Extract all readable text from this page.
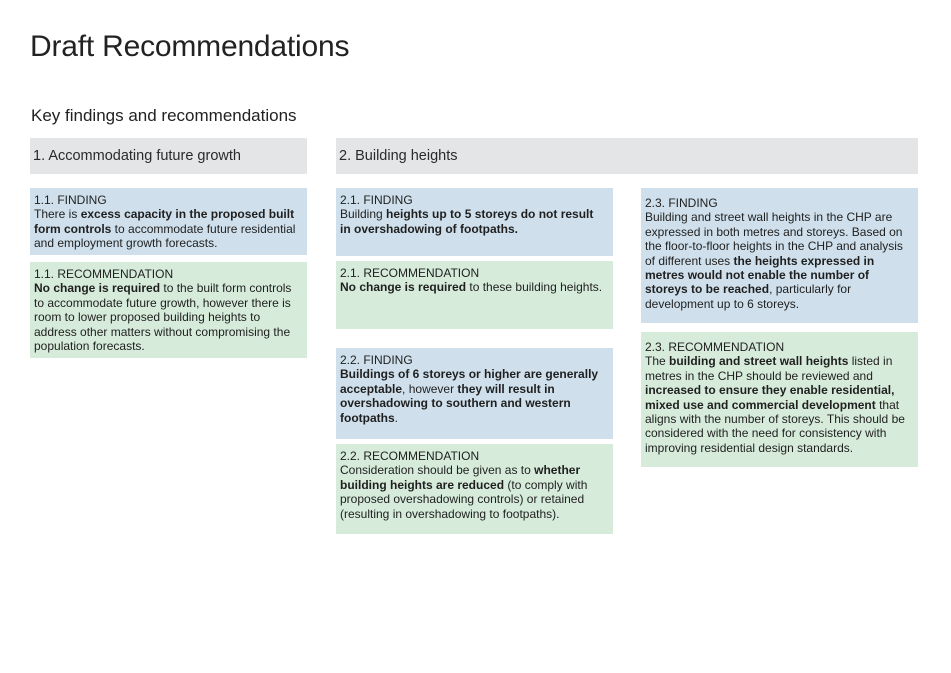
Draft Recommendations
Key findings and recommendations
1. Accommodating future growth	2. Building heights
1.1. FINDING
There is excess capacity in the proposed built form controls to accommodate future residential and employment growth forecasts.
1.1. RECOMMENDATION
No change is required to the built form controls to accommodate future growth, however there is room to lower proposed building heights to address other matters without compromising the population forecasts.
2.1. FINDING
Building heights up to 5 storeys do not result in overshadowing of footpaths.
2.1. RECOMMENDATION
No change is required to these building heights.
2.2. FINDING
Buildings of 6 storeys or higher are generally acceptable, however they will result in overshadowing to southern and western footpaths.
2.2. RECOMMENDATION
Consideration should be given as to whether building heights are reduced (to comply with proposed overshadowing controls) or retained (resulting in overshadowing to footpaths).
2.3. FINDING
Building and street wall heights in the CHP are expressed in both metres and storeys. Based on the floor-to-floor heights in the CHP and analysis of different uses the heights expressed in metres would not enable the number of storeys to be reached, particularly for development up to 6 storeys.
2.3. RECOMMENDATION
The building and street wall heights listed in metres in the CHP should be reviewed and increased to ensure they enable residential, mixed use and commercial development that aligns with the number of storeys. This should be considered with the need for consistency with improving residential design standards.
